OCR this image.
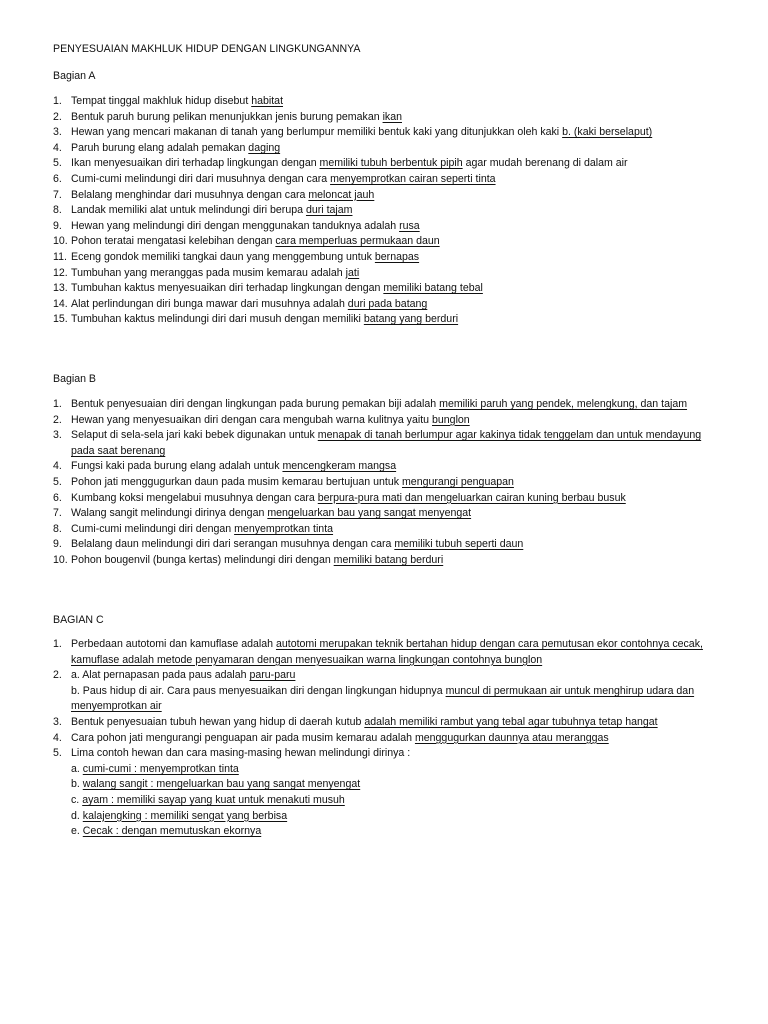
PENYESUAIAN MAKHLUK HIDUP DENGAN LINGKUNGANNYA
Bagian A
1. Tempat tinggal makhluk hidup disebut habitat
2. Bentuk paruh burung pelikan menunjukkan jenis burung pemakan ikan
3. Hewan yang mencari makanan di tanah yang berlumpur memiliki bentuk kaki yang ditunjukkan oleh kaki b. (kaki berselaput)
4. Paruh burung elang adalah pemakan daging
5. Ikan menyesuaikan diri terhadap lingkungan dengan memiliki tubuh berbentuk pipih agar mudah berenang di dalam air
6. Cumi-cumi melindungi diri dari musuhnya dengan cara menyemprotkan cairan seperti tinta
7. Belalang menghindar dari musuhnya dengan cara meloncat jauh
8. Landak memiliki alat untuk melindungi diri berupa duri tajam
9. Hewan yang melindungi diri dengan menggunakan tanduknya adalah rusa
10. Pohon teratai mengatasi kelebihan dengan cara memperluas permukaan daun
11. Eceng gondok memiliki tangkai daun yang menggembung untuk bernapas
12. Tumbuhan yang meranggas pada musim kemarau adalah jati
13. Tumbuhan kaktus menyesuaikan diri terhadap lingkungan dengan memiliki batang tebal
14. Alat perlindungan diri bunga mawar dari musuhnya adalah duri pada batang
15. Tumbuhan kaktus melindungi diri dari musuh dengan memiliki batang yang berduri
Bagian B
1. Bentuk penyesuaian diri dengan lingkungan pada burung pemakan biji adalah memiliki paruh yang pendek, melengkung, dan tajam
2. Hewan yang menyesuaikan diri dengan cara mengubah warna kulitnya yaitu bunglon
3. Selaput di sela-sela jari kaki bebek digunakan untuk menapak di tanah berlumpur agar kakinya tidak tenggelam dan untuk mendayung pada saat berenang
4. Fungsi kaki pada burung elang adalah untuk mencengkeram mangsa
5. Pohon jati menggugurkan daun pada musim kemarau bertujuan untuk mengurangi penguapan
6. Kumbang koksi mengelabui musuhnya dengan cara berpura-pura mati dan mengeluarkan cairan kuning berbau busuk
7. Walang sangit melindungi dirinya dengan mengeluarkan bau yang sangat menyengat
8. Cumi-cumi melindungi diri dengan menyemprotkan tinta
9. Belalang daun melindungi diri dari serangan musuhnya dengan cara memiliki tubuh seperti daun
10. Pohon bougenvil (bunga kertas) melindungi diri dengan memiliki batang berduri
BAGIAN C
1. Perbedaan autotomi dan kamuflase adalah autotomi merupakan teknik bertahan hidup dengan cara pemutusan ekor contohnya cecak, kamuflase adalah metode penyamaran dengan menyesuaikan warna lingkungan contohnya bunglon
2. a. Alat pernapasan pada paus adalah paru-paru
b. Paus hidup di air. Cara paus menyesuaikan diri dengan lingkungan hidupnya muncul di permukaan air untuk menghirup udara dan menyemprotkan air
3. Bentuk penyesuaian tubuh hewan yang hidup di daerah kutub adalah memiliki rambut yang tebal agar tubuhnya tetap hangat
4. Cara pohon jati mengurangi penguapan air pada musim kemarau adalah menggugurkan daunnya atau meranggas
5. Lima contoh hewan dan cara masing-masing hewan melindungi dirinya :
a. cumi-cumi : menyemprotkan tinta
b. walang sangit : mengeluarkan bau yang sangat menyengat
c. ayam : memiliki sayap yang kuat untuk menakuti musuh
d. kalajengking : memiliki sengat yang berbisa
e. Cecak : dengan memutuskan ekornya
